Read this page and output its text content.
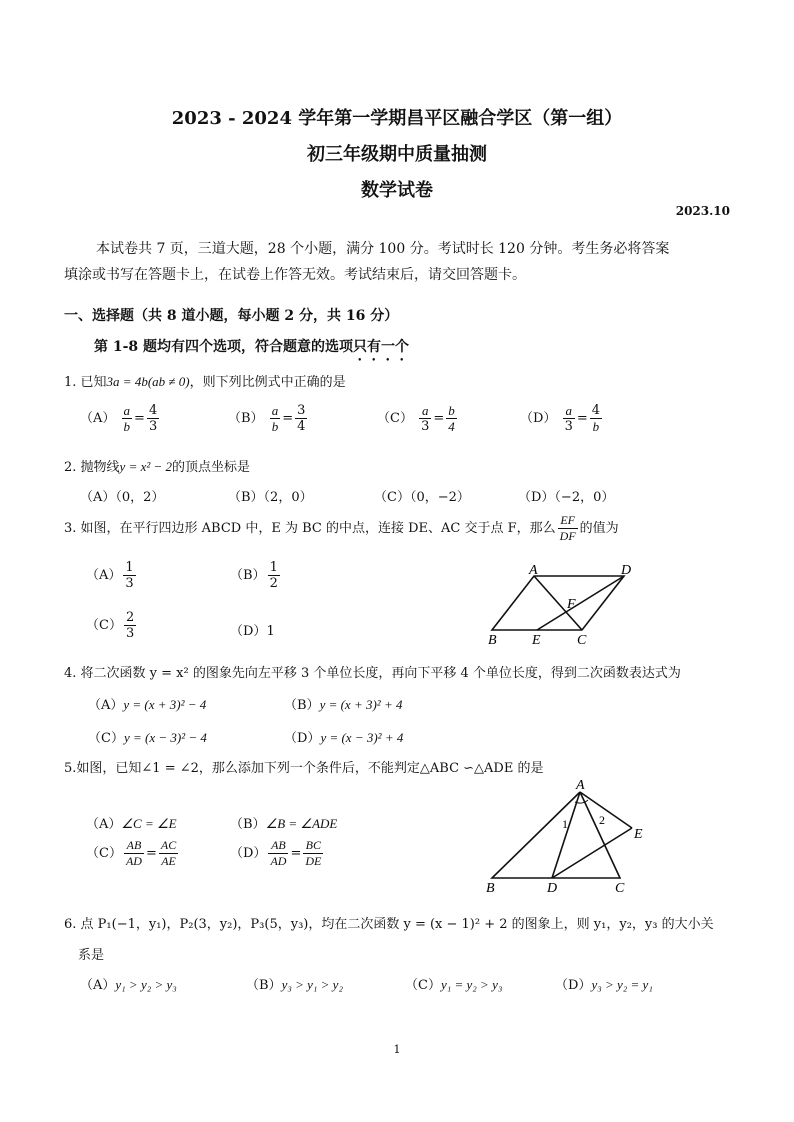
2023 - 2024 学年第一学期昌平区融合学区（第一组）
初三年级期中质量抽测
数学试卷
2023.10
本试卷共 7 页，三道大题，28 个小题，满分 100 分。考试时长 120 分钟。考生务必将答案
填涂或书写在答题卡上，在试卷上作答无效。考试结束后，请交回答题卡。
一、选择题（共 8 道小题，每小题 2 分，共 16 分）
第 1-8 题均有四个选项，符合题意的选项只有一个
1. 已知3a = 4b(ab ≠ 0)，则下列比例式中正确的是
$(A) \frac{a}{b} = \frac{4}{3}$	$(B) \frac{a}{b} = \frac{3}{4}$	$(C) \frac{a}{3} = \frac{b}{4}$	$(D) \frac{a}{3} = \frac{4}{b}$
2. 抛物线y = x² − 2的顶点坐标是
（A）（0，2）	（B）（2，0）	（C）（0，−2）	（D）（−2，0）
3. 如图，在平行四边形 ABCD 中，E 为 BC 的中点，连接 DE、AC 交于点 F，那么 $\frac{EF}{DF}$ 的值为
$(A) \frac{1}{3}$	$(B) \frac{1}{2}$
$(C) \frac{2}{3}$	（D）1
A	D
F
B	E	C
4. 将二次函数 y = x² 的图象先向左平移 3 个单位长度，再向下平移 4 个单位长度，得到二次函数表达式为
（A）y = (x + 3)² − 4	（B）y = (x + 3)² + 4
（C）y = (x − 3)² − 4	（D）y = (x − 3)² + 4
5.如图，已知∠1 = ∠2，那么添加下列一个条件后，不能判定△ABC ∽△ADE 的是
（A）∠C = ∠E	（B）∠B = ∠ADE
$(C) \frac{AB}{AD} = \frac{AC}{AE}$	$(D) \frac{AB}{AD} = \frac{BC}{DE}$
A
1	2
E
B	D	C
6. 点 P₁(−1，y₁)，P₂(3，y₂)，P₃(5，y₃)，均在二次函数 y = (x − 1)² + 2 的图象上，则 y₁，y₂，y₃ 的大小关
系是
（A）y₁ > y₂ > y₃	（B）y₃ > y₁ > y₂	（C）y₁ = y₂ > y₃	（D）y₃ > y₂ = y₁
1
